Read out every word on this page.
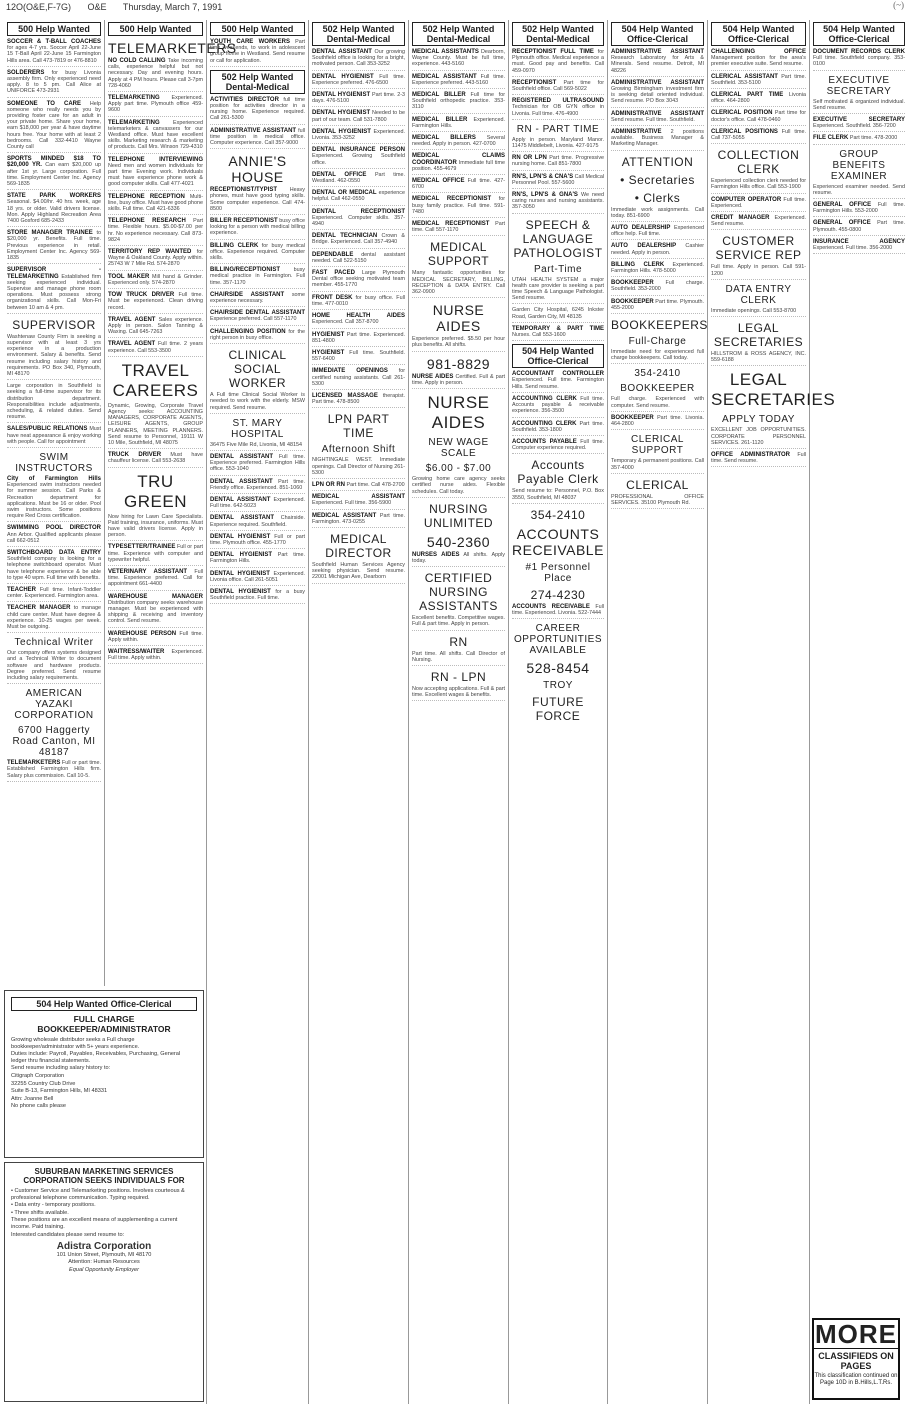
12O(O&E,F-7G) O&E Thursday, March 7, 1991	(~)
500 Help Wanted
SOCCER & T-BALL COACHES for ages 4-7 yrs. Soccer April 22-June 15 T-Ball April 22-June 15 Farmington Hills area. Call 473-7819 or 476-8810
SOLDERERS for busy Livonia assembly firm. Only experienced need apply. 8 to 5 pm. Call Alice at UNIFORCE 473-2931
SOMEONE TO CARE Help someone who really needs you by providing foster care for an adult in your private home. Share your home, earn $18,000 per year & have daytime hours free. Your home with at least 2 bedrooms. Call 332-4410 Wayne County call
SPORTS MINDED $18 TO $20,000 YR. Can earn $20,000 up after 1st yr. Large corporation. Full time. Employment Center Inc. Agency 569-1835
STATE PARK WORKERS Seasonal. $4.00/hr. 40 hrs. week, age 18 yrs. or older. Valid drivers license. Mon. Apply Highland Recreation Area 7400 Gosford 685-2433
STORE MANAGER TRAINEE to $20,000 yr. Benefits. Full time. Previous experience in retail. Employment Center Inc. Agency 569-1835
SUPERVISOR - TELEMARKETING Established firm seeking experienced individual. Supervise and manage phone room operations. Must possess strong organizational skills. Call Mon-Fri between 10 am & 4 pm.
SUPERVISOR
Washtenaw County Firm is seeking a supervisor with at least 3 yrs experience in a production environment. Salary & benefits. Send resume including salary history and requirements. PO Box 340, Plymouth, MI 48170
Large corporation in Southfield is seeking a full-time supervisor for its distribution department. Responsibilities include adjustments, scheduling, & related duties. Send resume.
SALES/PUBLIC RELATIONS Must have neat appearance & enjoy working with people. Call for appointment
SWIM INSTRUCTORS
City of Farmington Hills Experienced swim instructors needed for summer session. Call Parks & Recreation department for applications. Must be 16 or older. Pool swim instructors. Some positions require Red Cross certification.
SWIMMING POOL DIRECTOR Ann Arbor. Qualified applicants please call 662-0512
SWITCHBOARD DATA ENTRY Southfield company is looking for a telephone switchboard operator. Must have telephone experience & be able to type 40 wpm. Full time with benefits.
TEACHER Full time. Infant-Toddler center. Experienced. Farmington area.
TEACHER MANAGER to manage child care center. Must have degree & experience. 10-25 wages per week. Must be outgoing.
Technical Writer
Our company offers systems designed and a Technical Writer to document software and hardware products. Degree preferred. Send resume including salary requirements.
AMERICAN YAZAKI CORPORATION
6700 Haggerty Road Canton, MI 48187
TELEMARKETERS Full or part time. Established Farmington Hills firm. Salary plus commission. Call 10-5.
500 Help Wanted
TELEMARKETERS
NO COLD CALLING Take incoming calls, experience helpful but not necessary. Day and evening hours. Apply at 4 PM hours. Please call 3-7pm 728-4060
TELEMARKETING Experienced. Apply part time. Plymouth office 459-9600
TELEMARKETING Experienced telemarketers & canvassers for our Westland office. Must have excellent skills. Marketing research & marketing of products. Call Mrs. Winson 729-4310
TELEPHONE INTERVIEWING Need men and women individuals for part time Evening work. Individuals must have experience phone work & good computer skills. Call 477-4021
TELEPHONE RECEPTION Multi-line, busy office. Must have good phone skills. Full time. Call 421-6336
TELEPHONE RESEARCH Part time. Flexible hours. $5.00-$7.00 per hr. No experience necessary. Call 873-9824
TERRITORY REP WANTED for Wayne & Oakland County. Apply within. 25743 W 7 Mile Rd. 574-2870
TOOL MAKER Mill hand & Grinder. Experienced only. 574-2870
TOW TRUCK DRIVER Full time. Must be experienced. Clean driving record.
TRAVEL AGENT Sales experience. Apply in person. Salon Tanning & Waxing. Call 645-7263
TRAVEL AGENT Full time. 2 years experience. Call 553-3500
TRAVEL CAREERS
Dynamic, Growing, Corporate Travel Agency seeks: ACCOUNTING MANAGERS, CORPORATE AGENTS, LEISURE AGENTS, GROUP PLANNERS, MEETING PLANNERS. Send resume to Personnel, 19111 W 10 Mile, Southfield, MI 48075
TRUCK DRIVER Must have chauffeur license. Call 553-2638
TRU GREEN
Now hiring for Lawn Care Specialists. Paid training, insurance, uniforms. Must have valid drivers license. Apply in person.
TYPESETTER/TRAINEE Full or part time. Experience with computer and typewriter helpful.
VETERINARY ASSISTANT Full time. Experience preferred. Call for appointment 661-4400
WAREHOUSE MANAGER Distribution company seeks warehouse manager. Must be experienced with shipping & receiving and inventory control. Send resume.
WAREHOUSE PERSON Full time. Apply within.
WAITRESS/WAITER Experienced. Full time. Apply within.
500 Help Wanted
YOUTH CARE WORKERS Part time weekends, to work in adolescent group home in Westland. Send resume or call for application.
502 Help Wanted Dental-Medical
ACTIVITIES DIRECTOR full time position for activities director in a nursing home. Experience required. Call 261-5300
ADMINISTRATIVE ASSISTANT full time position in medical office. Computer experience. Call 357-9000
ANNIE'S HOUSE
RECEPTIONIST/TYPIST Heavy phones, must have good typing skills. Some computer experience. Call 474-8500
BILLER RECEPTIONIST busy office looking for a person with medical billing experience.
BILLING CLERK for busy medical office. Experience required. Computer skills.
BILLING/RECEPTIONIST	busy medical practice in Farmington. Full time. 357-1170
CHAIRSIDE ASSISTANT some experience necessary.
CHAIRSIDE DENTAL ASSISTANT Experience preferred. Call 557-1170
CHALLENGING POSITION for the right person in busy office.
CLINICAL SOCIAL WORKER
A Full time Clinical Social Worker is needed to work with the elderly. MSW required. Send resume.
ST. MARY HOSPITAL
36475 Five Mile Rd, Livonia, MI 48154
DENTAL ASSISTANT Full time. Experience preferred. Farmington Hills office. 553-1040
DENTAL ASSISTANT Part time. Friendly office. Experienced. 851-1060
DENTAL ASSISTANT Experienced. Full time. 642-5023
DENTAL ASSISTANT Chairside. Experience required. Southfield.
DENTAL HYGIENIST Full or part time. Plymouth office. 455-1770
DENTAL HYGIENIST Part time. Farmington Hills.
DENTAL HYGIENIST Experienced. Livonia office. Call 261-5051
DENTAL HYGIENIST for a busy Southfield practice. Full time.
502 Help Wanted Dental-Medical
DENTAL ASSISTANT Our growing Southfield office is looking for a bright, motivated person. Call 353-3252
DENTAL HYGIENIST Full time. Experience preferred. 476-6500
DENTAL HYGIENIST Part time. 2-3 days. 476-5100
DENTAL HYGIENIST Needed to be part of our team. Call 531-7800
DENTAL HYGIENIST Experienced. Livonia. 353-3252
DENTAL INSURANCE PERSON Experienced. Growing Southfield office.
DENTAL OFFICE Part time. Westland. 462-0550
DENTAL OR MEDICAL experience helpful. Call 462-0550
DENTAL RECEPTIONIST Experienced. Computer skills. 357-4940
DENTAL TECHNICIAN Crown & Bridge. Experienced. Call 357-4940
DEPENDABLE dental assistant needed. Call 522-5150
FAST PACED Large Plymouth Dental office seeking motivated team member. 455-1770
FRONT DESK for busy office. Full time. 477-0010
HOME HEALTH AIDES Experienced. Call 357-8700
HYGIENIST Part time. Experienced. 851-4800
HYGIENIST Full time. Southfield. 557-6400
IMMEDIATE OPENINGS for certified nursing assistants. Call 261-5300
LICENSED MASSAGE therapist. Part time. 478-8500
LPN PART TIME
Afternoon Shift
NIGHTINGALE WEST. Immediate openings. Call Director of Nursing 261-5300
LPN OR RN Part time. Call 478-2700
MEDICAL ASSISTANT Experienced. Full time. 356-5900
MEDICAL ASSISTANT Part time. Farmington. 473-0255
MEDICAL DIRECTOR
Southfield Human Services Agency seeking physician. Send resume. 22001 Michigan Ave, Dearborn
502 Help Wanted Dental-Medical
MEDICAL ASSISTANTS Dearborn, Wayne County. Must be full time, experience. 443-5160
MEDICAL ASSISTANT Full time. Experience preferred. 443-5160
MEDICAL BILLER Full time for Southfield orthopedic practice. 353-3110
MEDICAL BILLER Experienced. Farmington Hills.
MEDICAL BILLERS Several needed. Apply in person. 427-0700
MEDICAL CLAIMS COORDINATOR Immediate full time position. 455-4679
MEDICAL OFFICE Full time. 427-6700
MEDICAL RECEPTIONIST for busy family practice. Full time. 591-7480
MEDICAL RECEPTIONIST Part time. Call 557-1170
MEDICAL SUPPORT
Many fantastic opportunities for MEDICAL SECRETARY, BILLING, RECEPTION & DATA ENTRY. Call 362-0900
NURSE AIDES
Experience preferred. $5.50 per hour plus benefits. All shifts.
981-8829
NURSE AIDES Certified. Full & part time. Apply in person.
NURSE AIDES
NEW WAGE SCALE
$6.00 - $7.00
Growing home care agency seeks certified nurse aides. Flexible schedules. Call today.
NURSING UNLIMITED
540-2360
NURSES AIDES All shifts. Apply today.
CERTIFIED NURSING ASSISTANTS
Excellent benefits. Competitive wages. Full & part time. Apply in person.
RN
Part time. All shifts. Call Director of Nursing.
RN - LPN
Now accepting applications. Full & part time. Excellent wages & benefits.
502 Help Wanted Dental-Medical
RECEPTIONIST FULL TIME for Plymouth office. Medical experience a must. Good pay and benefits. Call 459-0970
RECEPTIONIST Part time for Southfield office. Call 569-5022
REGISTERED ULTRASOUND Technician for OB GYN office in Livonia. Full time. 476-4900
RN - PART TIME
Apply in person. Maryland Manor. 11475 Middlebelt, Livonia. 427-9175
RN OR LPN Part time. Progressive nursing home. Call 851-7800
RN'S, LPN'S & CNA'S Call Medical Personnel Pool. 557-5600
RN'S, LPN'S & GNA'S We need caring nurses and nursing assistants. 357-3050
SPEECH & LANGUAGE PATHOLOGIST
Part-Time
UTAH HEALTH SYSTEM a major health care provider is seeking a part time Speech & Language Pathologist. Send resume.
Garden City Hospital, 6245 Inkster Road, Garden City, MI 48135
TEMPORARY & PART TIME Nurses. Call 553-1600
504 Help Wanted Office-Clerical
ACCOUNTANT CONTROLLER Experienced. Full time. Farmington Hills. Send resume.
ACCOUNTING CLERK Full time. Accounts payable & receivable experience. 356-3500
ACCOUNTING CLERK Part time. Southfield. 353-1800
ACCOUNTS PAYABLE Full time. Computer experience required.
Accounts Payable Clerk
Send resume to: Personnel, P.O. Box 3550, Southfield, MI 48037
354-2410
ACCOUNTS RECEIVABLE
#1 Personnel Place
274-4230
ACCOUNTS RECEIVABLE Full time. Experienced. Livonia. 522-7444
CAREER OPPORTUNITIES AVAILABLE
528-8454
TROY
FUTURE FORCE
504 Help Wanted Office-Clerical
ADMINISTRATIVE ASSISTANT Research Laboratory for Arts & Minerals. Send resume. Detroit, MI 48226
ADMINISTRATIVE ASSISTANT Growing Birmingham investment firm is seeking detail oriented individual. Send resume. PO Box 3043
ADMINISTRATIVE ASSISTANT Send resume. Full time. Southfield.
ADMINISTRATIVE 2 positions available. Business Manager & Marketing Manager.
ATTENTION
• Secretaries
• Clerks
Immediate work assignments. Call today. 851-6900
AUTO DEALERSHIP Experienced office help. Full time.
AUTO DEALERSHIP Cashier needed. Apply in person.
BILLING CLERK Experienced. Farmington Hills. 478-5000
BOOKKEEPER Full charge. Southfield. 353-2000
BOOKKEEPER Part time. Plymouth. 455-2000
BOOKKEEPERS
Full-Charge
Immediate need for experienced full charge bookkeepers. Call today.
354-2410
BOOKKEEPER
Full charge. Experienced with computer. Send resume.
BOOKKEEPER Part time. Livonia. 464-2800
CLERICAL SUPPORT
Temporary & permanent positions. Call 357-4000
CLERICAL
PROFESSIONAL OFFICE SERVICES. 35100 Plymouth Rd.
504 Help Wanted Office-Clerical
CHALLENGING OFFICE Management position for the area's premier executive suite. Send resume.
CLERICAL ASSISTANT Part time. Southfield. 353-5100
CLERICAL PART TIME Livonia office. 464-2800
CLERICAL POSITION Part time for doctor's office. Call 478-0460
CLERICAL POSITIONS Full time. Call 737-5055
COLLECTION CLERK
Experienced collection clerk needed for Farmington Hills office. Call 553-1900
COMPUTER OPERATOR Full time. Experienced.
CREDIT MANAGER Experienced. Send resume.
CUSTOMER SERVICE REP
Full time. Apply in person. Call 591-1200
DATA ENTRY CLERK
Immediate openings. Call 553-8700
LEGAL SECRETARIES
HILLSTROM & ROSS AGENCY, INC. 559-6188
LEGAL SECRETARIES
APPLY TODAY
EXCELLENT JOB OPPORTUNITIES. CORPORATE PERSONNEL SERVICES. 261-1120
OFFICE ADMINISTRATOR Full time. Send resume.
504 Help Wanted Office-Clerical
DOCUMENT RECORDS CLERK Full time. Southfield company. 353-0100
EXECUTIVE SECRETARY
Self motivated & organized individual. Send resume.
EXECUTIVE SECRETARY Experienced. Southfield. 356-7200
FILE CLERK Part time. 478-2000
GROUP BENEFITS EXAMINER
Experienced examiner needed. Send resume.
GENERAL OFFICE Full time. Farmington Hills. 553-2000
GENERAL OFFICE Part time. Plymouth. 455-0800
INSURANCE AGENCY Experienced. Full time. 356-2000
504 Help Wanted Office-Clerical
FULL CHARGE BOOKKEEPER/ADMINISTRATOR

Growing wholesale distributor seeks a Full charge bookkeeper/administrator with 5+ years experience.

Duties include: Payroll, Payables, Receivables, Purchasing, General ledger thru financial statements.

Send resume including salary history to:

Citigraph Corporation

32255 Country Club Drive

Suite B-13, Farmington Hills, MI 48331

Attn: Joanne Bell

No phone calls please

SUBURBAN MARKETING SERVICES CORPORATION SEEKS INDIVIDUALS FOR

• Customer Service and Telemarketing positions. Involves courteous & professional telephone communication. Typing required.

• Data entry - temporary positions.

• Three shifts available.

These positions are an excellent means of supplementing a current income. Paid training.

Interested candidates please send resume to:

Adistra Corporation

101 Union Street, Plymouth, MI 48170

Attention: Human Resources

Equal Opportunity Employer

MORE
CLASSIFIEDS ON PAGES
This classification continued on Page 10D in B.Hills,L.T.Rs.
